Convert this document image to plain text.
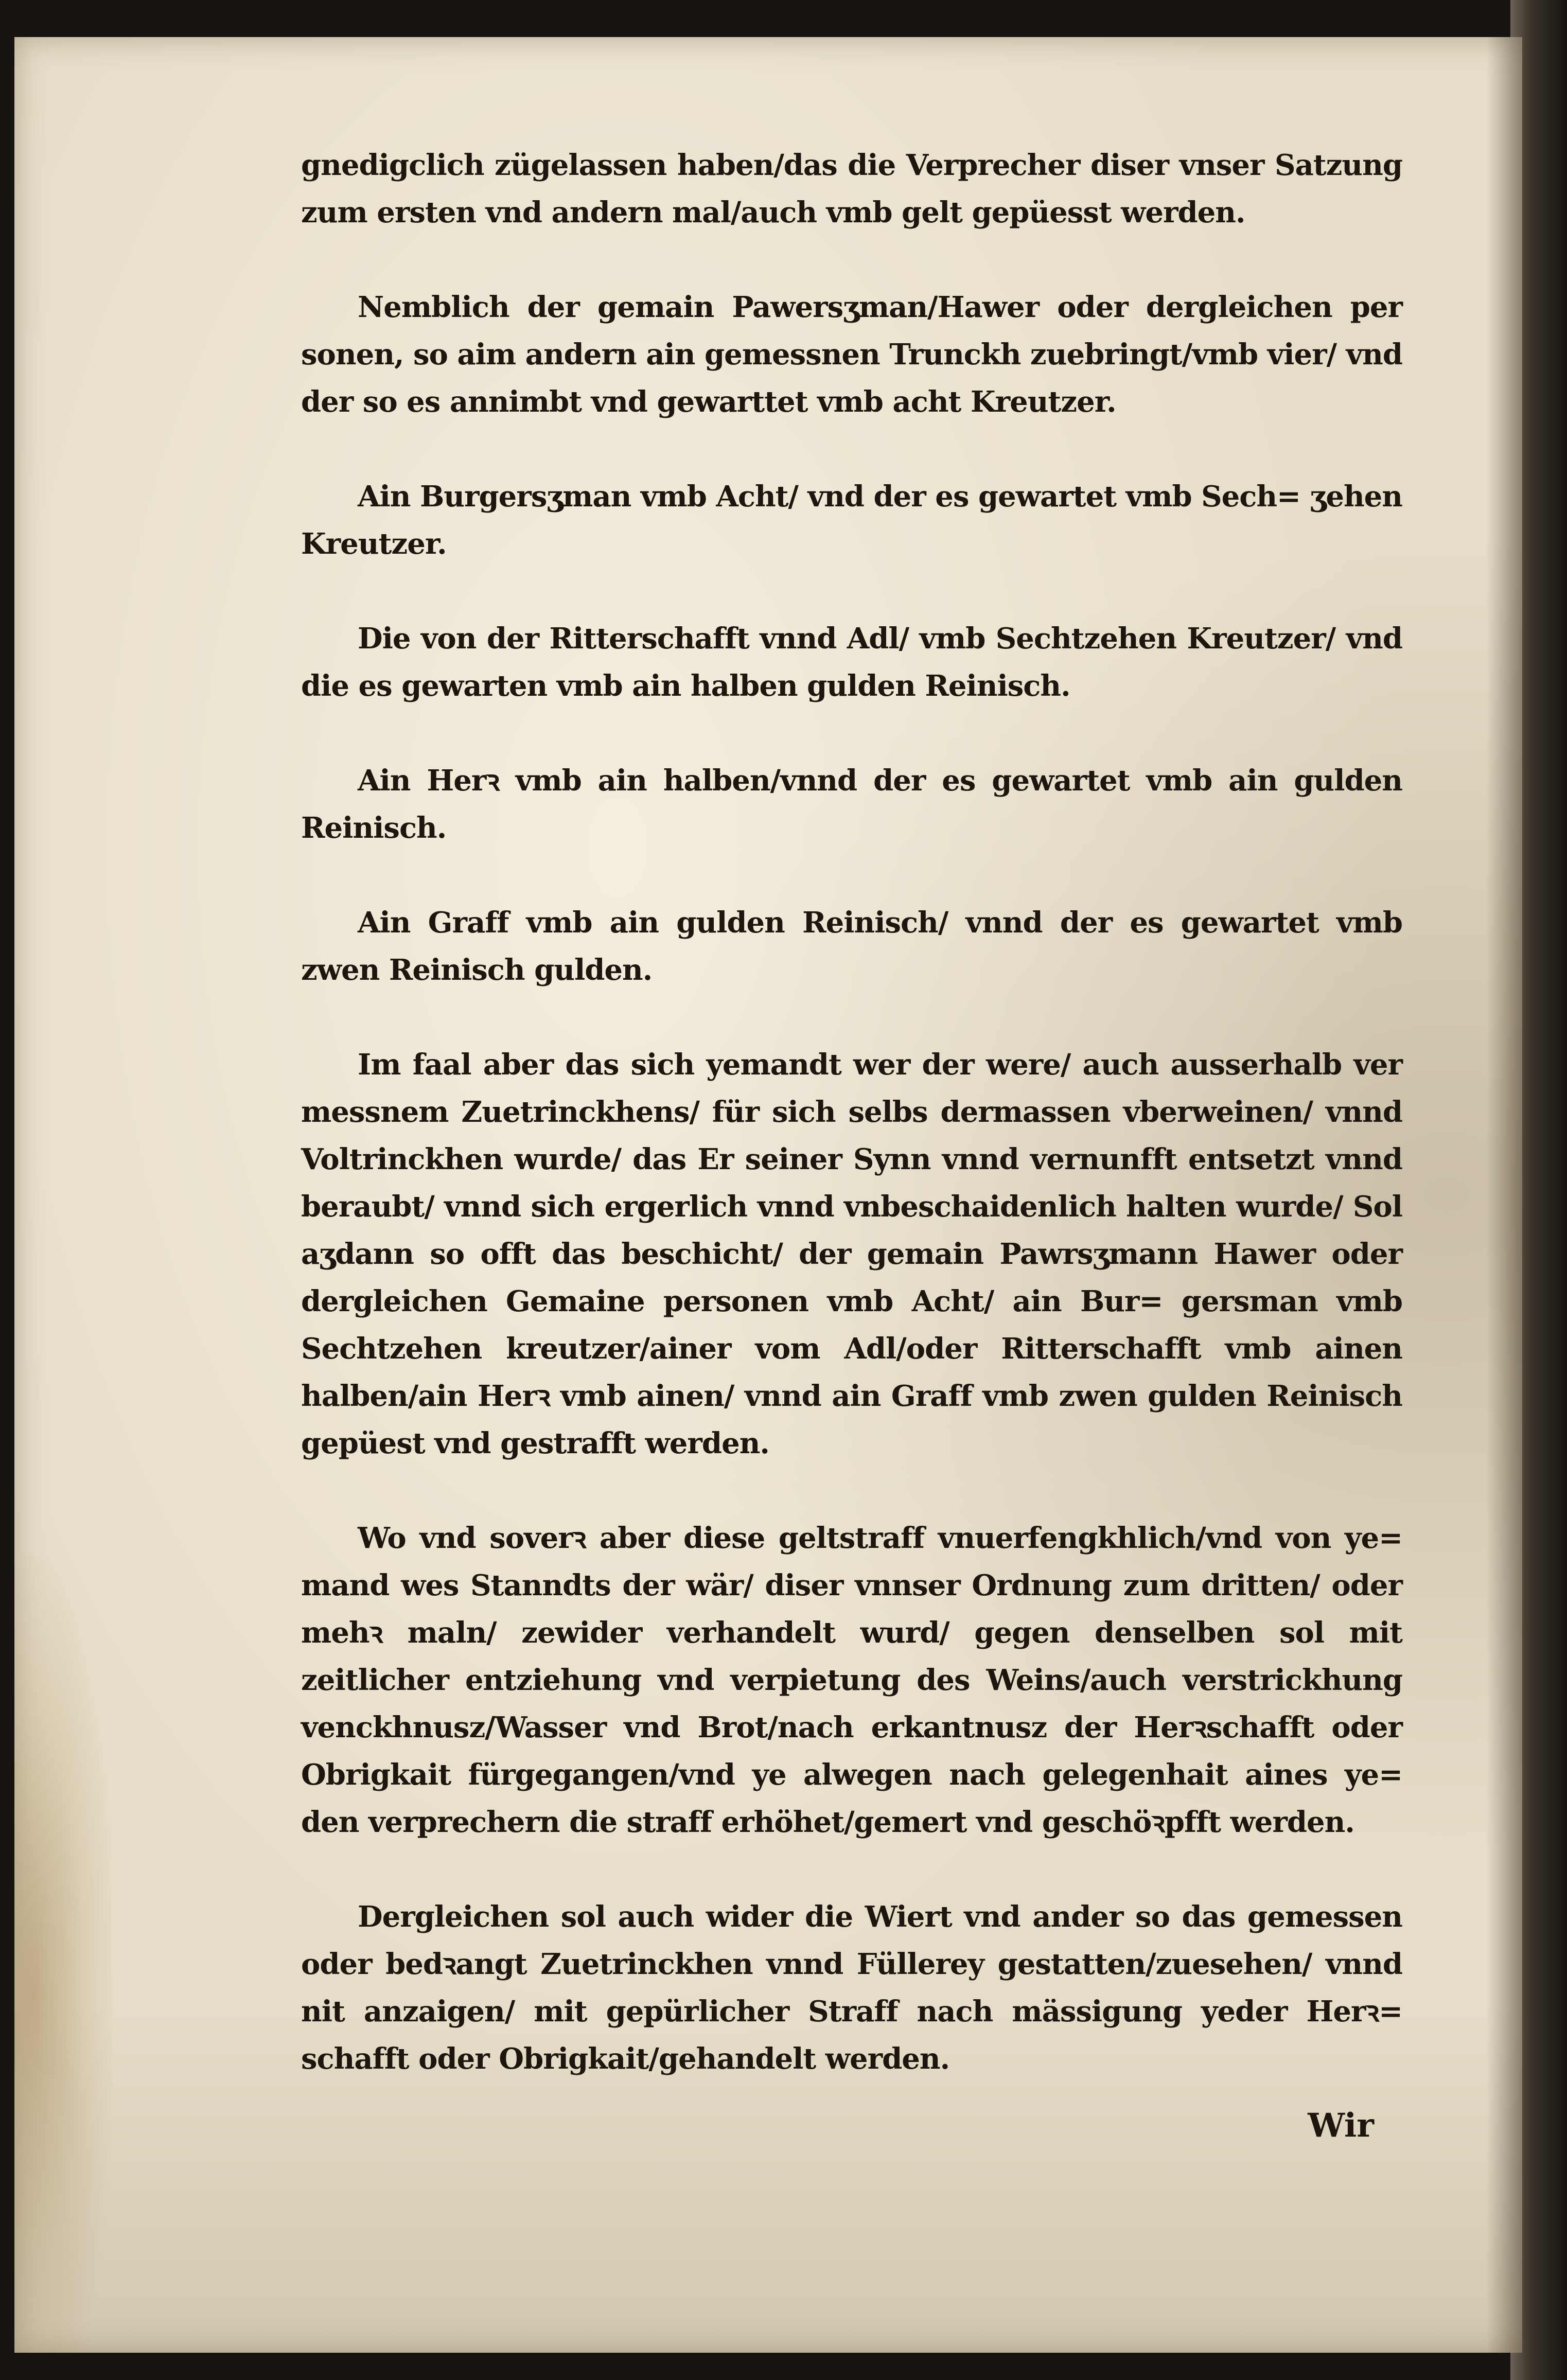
gnedigclich zügelassen haben/das die Verprecher diser vnser Satzung zum ersten vnd andern mal/auch vmb gelt gepüesst werden.

Nemblich der gemain Pawersʒman/Hawer oder dergleichen per sonen, so aim andern ain gemessnen Trunckh zuebringt/vmb vier/ vnd der so es annimbt vnd gewarttet vmb acht Kreutzer.

Ain Burgersʒman vmb Acht/ vnd der es gewartet vmb Sech= ʒehen Kreutzer.

Die von der Ritterschafft vnnd Adl/ vmb Sechtzehen Kreutzer/ vnd die es gewarten vmb ain halben gulden Reinisch.

Ain Herꝛ vmb ain halben/vnnd der es gewartet vmb ain gulden Reinisch.

Ain Graff vmb ain gulden Reinisch/ vnnd der es gewartet vmb zwen Reinisch gulden.

Im faal aber das sich yemandt wer der were/ auch ausserhalb ver messnem Zuetrinckhens/ für sich selbs dermassen vberweinen/ vnnd Voltrinckhen wurde/ das Er seiner Synn vnnd vernunfft entsetzt vnnd beraubt/ vnnd sich ergerlich vnnd vnbeschaidenlich halten wurde/ Sol aʒdann so offt das beschicht/ der gemain Pawrsʒmann Hawer oder dergleichen Gemaine personen vmb Acht/ ain Bur= gersman vmb Sechtzehen kreutzer/ainer vom Adl/oder Ritterschafft vmb ainen halben/ain Herꝛ vmb ainen/ vnnd ain Graff vmb zwen gulden Reinisch gepüest vnd gestrafft werden.

Wo vnd soverꝛ aber diese geltstraff vnuerfengkhlich/vnd von ye= mand wes Stanndts der wär/ diser vnnser Ordnung zum dritten/ oder mehꝛ maln/ zewider verhandelt wurd/ gegen denselben sol mit zeitlicher entziehung vnd verpietung des Weins/auch verstrickhung venckhnusz/Wasser vnd Brot/nach erkantnusz der Herꝛschafft oder Obrigkait fürgegangen/vnd ye alwegen nach gelegenhait aines ye= den verprechern die straff erhöhet/gemert vnd geschöꝛpfft werden.

Dergleichen sol auch wider die Wiert vnd ander so das gemessen oder bedꝛangt Zuetrinckhen vnnd Füllerey gestatten/zuesehen/ vnnd nit anzaigen/ mit gepürlicher Straff nach mässigung yeder Herꝛ= schafft oder Obrigkait/gehandelt werden.

Wir
